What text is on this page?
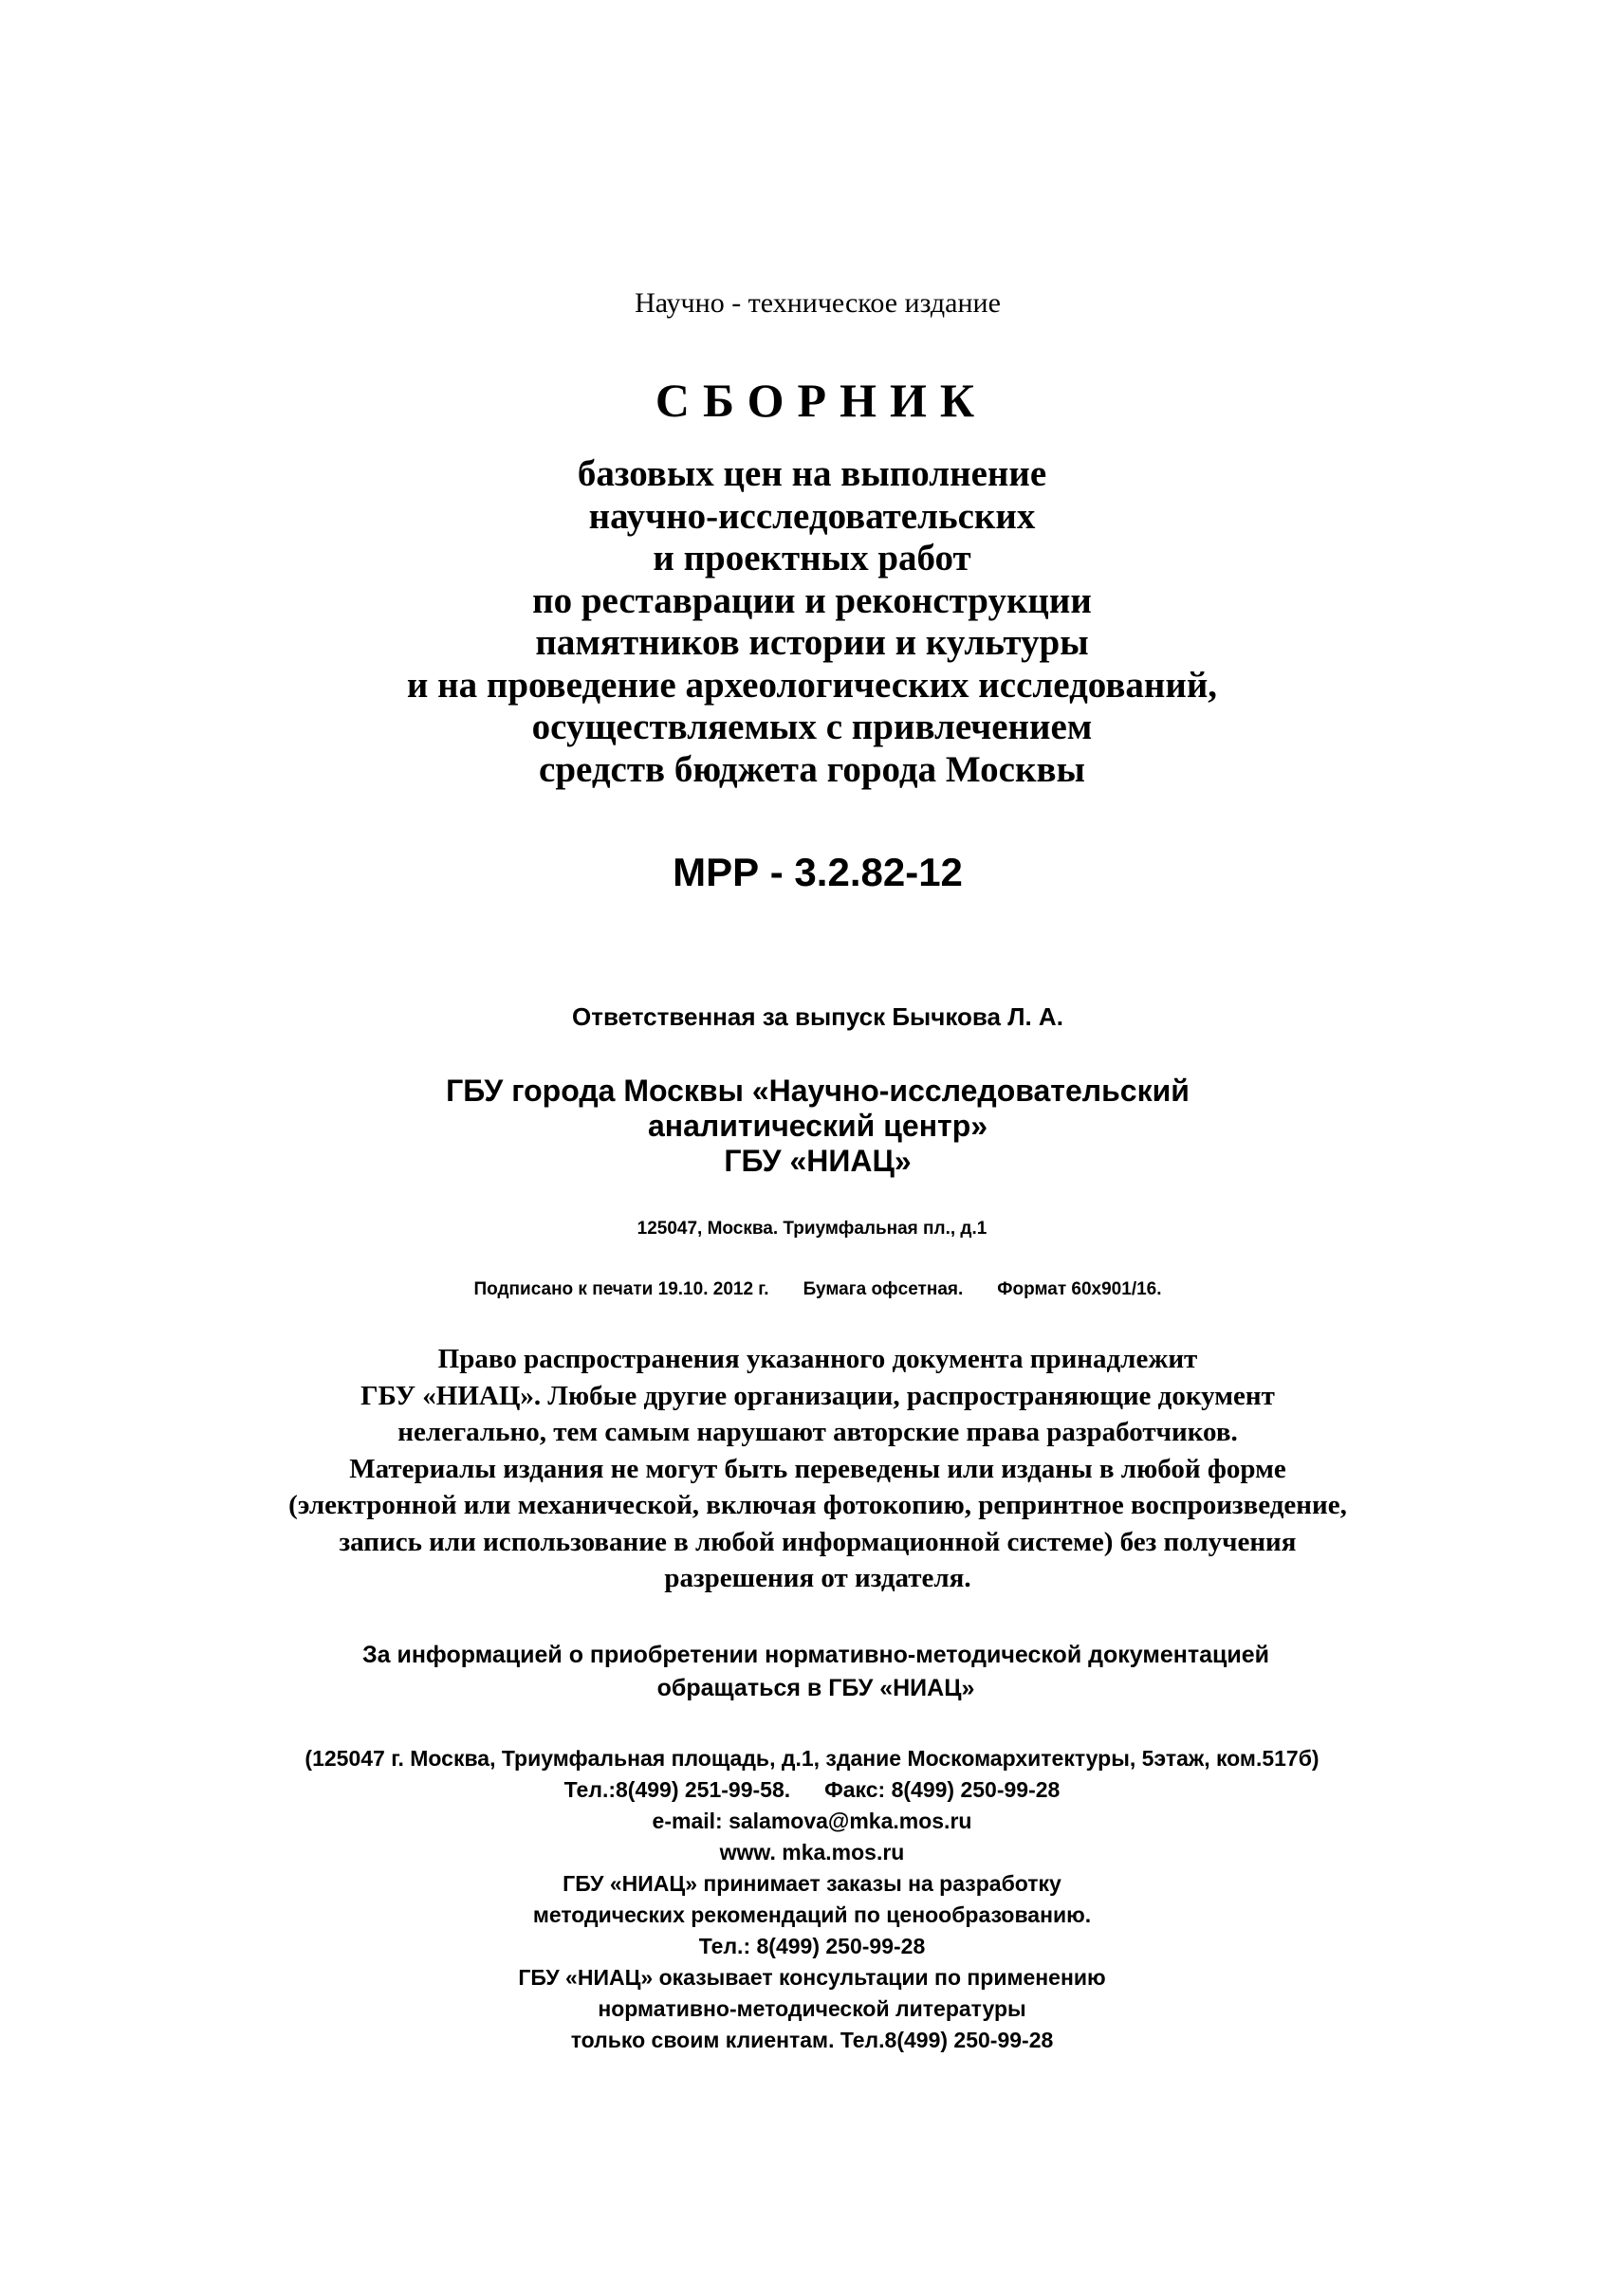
Научно - техническое издание

СБОРНИК

базовых цен на выполнение
научно-исследовательских
и проектных работ
по реставрации и реконструкции
памятников истории и культуры
и на проведение археологических исследований,
осуществляемых с привлечением
средств бюджета города Москвы

МРР - 3.2.82-12

Ответственная за выпуск Бычкова Л. А.

ГБУ города Москвы «Научно-исследовательский
аналитический центр»
ГБУ «НИАЦ»

125047, Москва. Триумфальная пл., д.1

Подписано к печати 19.10. 2012 г. Бумага офсетная. Формат 60х901/16.
Право распространения указанного документа принадлежит
ГБУ «НИАЦ». Любые другие организации, распространяющие документ
нелегально, тем самым нарушают авторские права разработчиков.
Материалы издания не могут быть переведены или изданы в любой форме
(электронной или механической, включая фотокопию, репринтное воспроизведение,
запись или использование в любой информационной системе) без получения
разрешения от издателя.
За информацией о приобретении нормативно-методической документацией
обращаться в ГБУ «НИАЦ»
(125047 г. Москва, Триумфальная площадь, д.1, здание Москомархитектуры, 5этаж, ком.517б)
Тел.:8(499) 251-99-58. Факс: 8(499) 250-99-28
e-mail: salamova@mka.mos.ru
www. mka.mos.ru
ГБУ «НИАЦ» принимает заказы на разработку
методических рекомендаций по ценообразованию.
Тел.: 8(499) 250-99-28
ГБУ «НИАЦ» оказывает консультации по применению
нормативно-методической литературы
только своим клиентам. Тел.8(499) 250-99-28
